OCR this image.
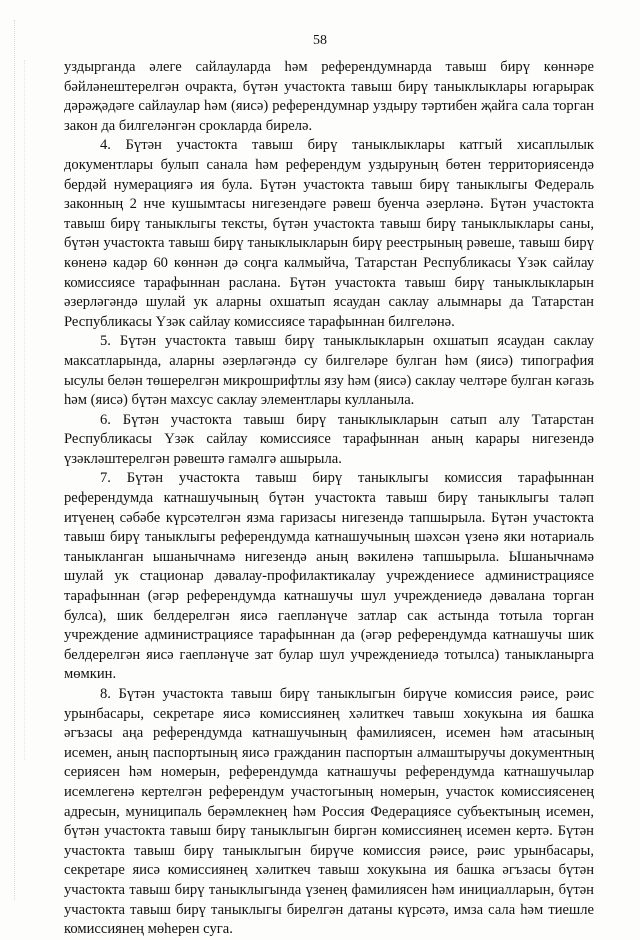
58

уздырганда әлеге сайлауларда һәм референдумнарда тавыш бирү көннәре бәйләнештерелгән очракта, бүтән участокта тавыш бирү таныклыклары югарырак дәрәҗәдәге сайлаулар һәм (яисә) референдумнар уздыру тәртибен җайга сала торган закон да билгеләнгән срокларда бирелә.

4. Бүтән участокта тавыш бирү таныклыклары катгый хисаплылык документлары булып санала һәм референдум уздыруның бөтен территориясендә бердәй нумерациягә ия була. Бүтән участокта тавыш бирү таныклыгы Федераль законның 2 нче кушымтасы нигезендәге рәвеш буенча әзерләнә. Бүтән участокта тавыш бирү таныклыгы тексты, бүтән участокта тавыш бирү таныклыклары саны, бүтән участокта тавыш бирү таныклыкларын бирү реестрының рәвеше, тавыш бирү көненә кадәр 60 көннән дә соңга калмыйча, Татарстан Республикасы Үзәк сайлау комиссиясе тарафыннан раслана. Бүтән участокта тавыш бирү таныклыкларын әзерләгәндә шулай ук аларны охшатып ясаудан саклау алымнары да Татарстан Республикасы Үзәк сайлау комиссиясе тарафыннан билгеләнә.

5. Бүтән участокта тавыш бирү таныклыкларын охшатып ясаудан саклау максатларында, аларны әзерләгәндә су билгеләре булган һәм (яисә) типография ысулы белән төшерелгән микрошрифтлы язу һәм (яисә) саклау челтәре булган кәгазь һәм (яисә) бүтән махсус саклау элементлары кулланыла.

6. Бүтән участокта тавыш бирү таныклыкларын сатып алу Татарстан Республикасы Үзәк сайлау комиссиясе тарафыннан аның карары нигезендә үзәкләштерелгән рәвештә гамәлгә ашырыла.

7. Бүтән участокта тавыш бирү таныклыгы комиссия тарафыннан референдумда катнашучының бүтән участокта тавыш бирү таныклыгы таләп итүенең сәбәбе күрсәтелгән язма гаризасы нигезендә тапшырыла. Бүтән участокта тавыш бирү таныклыгы референдумда катнашучының шәхсән үзенә яки нотариаль таныкланган ышанычнамә нигезендә аның вәкиленә тапшырыла. Ышанычнамә шулай ук стационар дәвалау-профилактикалау учреждениесе администрациясе тарафыннан (әгәр референдумда катнашучы шул учреждениедә дәвалана торган булса), шик белдерелгән яисә гаепләнүче затлар сак астында тотыла торган учреждение администрациясе тарафыннан да (әгәр референдумда катнашучы шик белдерелгән яисә гаепләнүче зат булар шул учреждениедә тотылса) таныкланырга мөмкин.

8. Бүтән участокта тавыш бирү таныклыгын бирүче комиссия рәисе, рәис урынбасары, секретаре яисә комиссиянең хәлиткеч тавыш хокукына ия башка әгъзасы аңа референдумда катнашучының фамилиясен, исемен һәм атасының исемен, аның паспортының яисә гражданин паспортын алмаштыручы документның сериясен һәм номерын, референдумда катнашучы референдумда катнашучылар исемлегенә кертелгән референдум участогының номерын, участок комиссиясенең адресын, муниципаль берәмлекнең һәм Россия Федерациясе субъектының исемен, бүтән участокта тавыш бирү таныклыгын биргән комиссиянең исемен кертә. Бүтән участокта тавыш бирү таныклыгын бирүче комиссия рәисе, рәис урынбасары, секретаре яисә комиссиянең хәлиткеч тавыш хокукына ия башка әгъзасы бүтән участокта тавыш бирү таныклыгында үзенең фамилиясен һәм инициалларын, бүтән участокта тавыш бирү таныклыгы бирелгән датаны күрсәтә, имза сала һәм тиешле комиссиянең мөһерен суга.
